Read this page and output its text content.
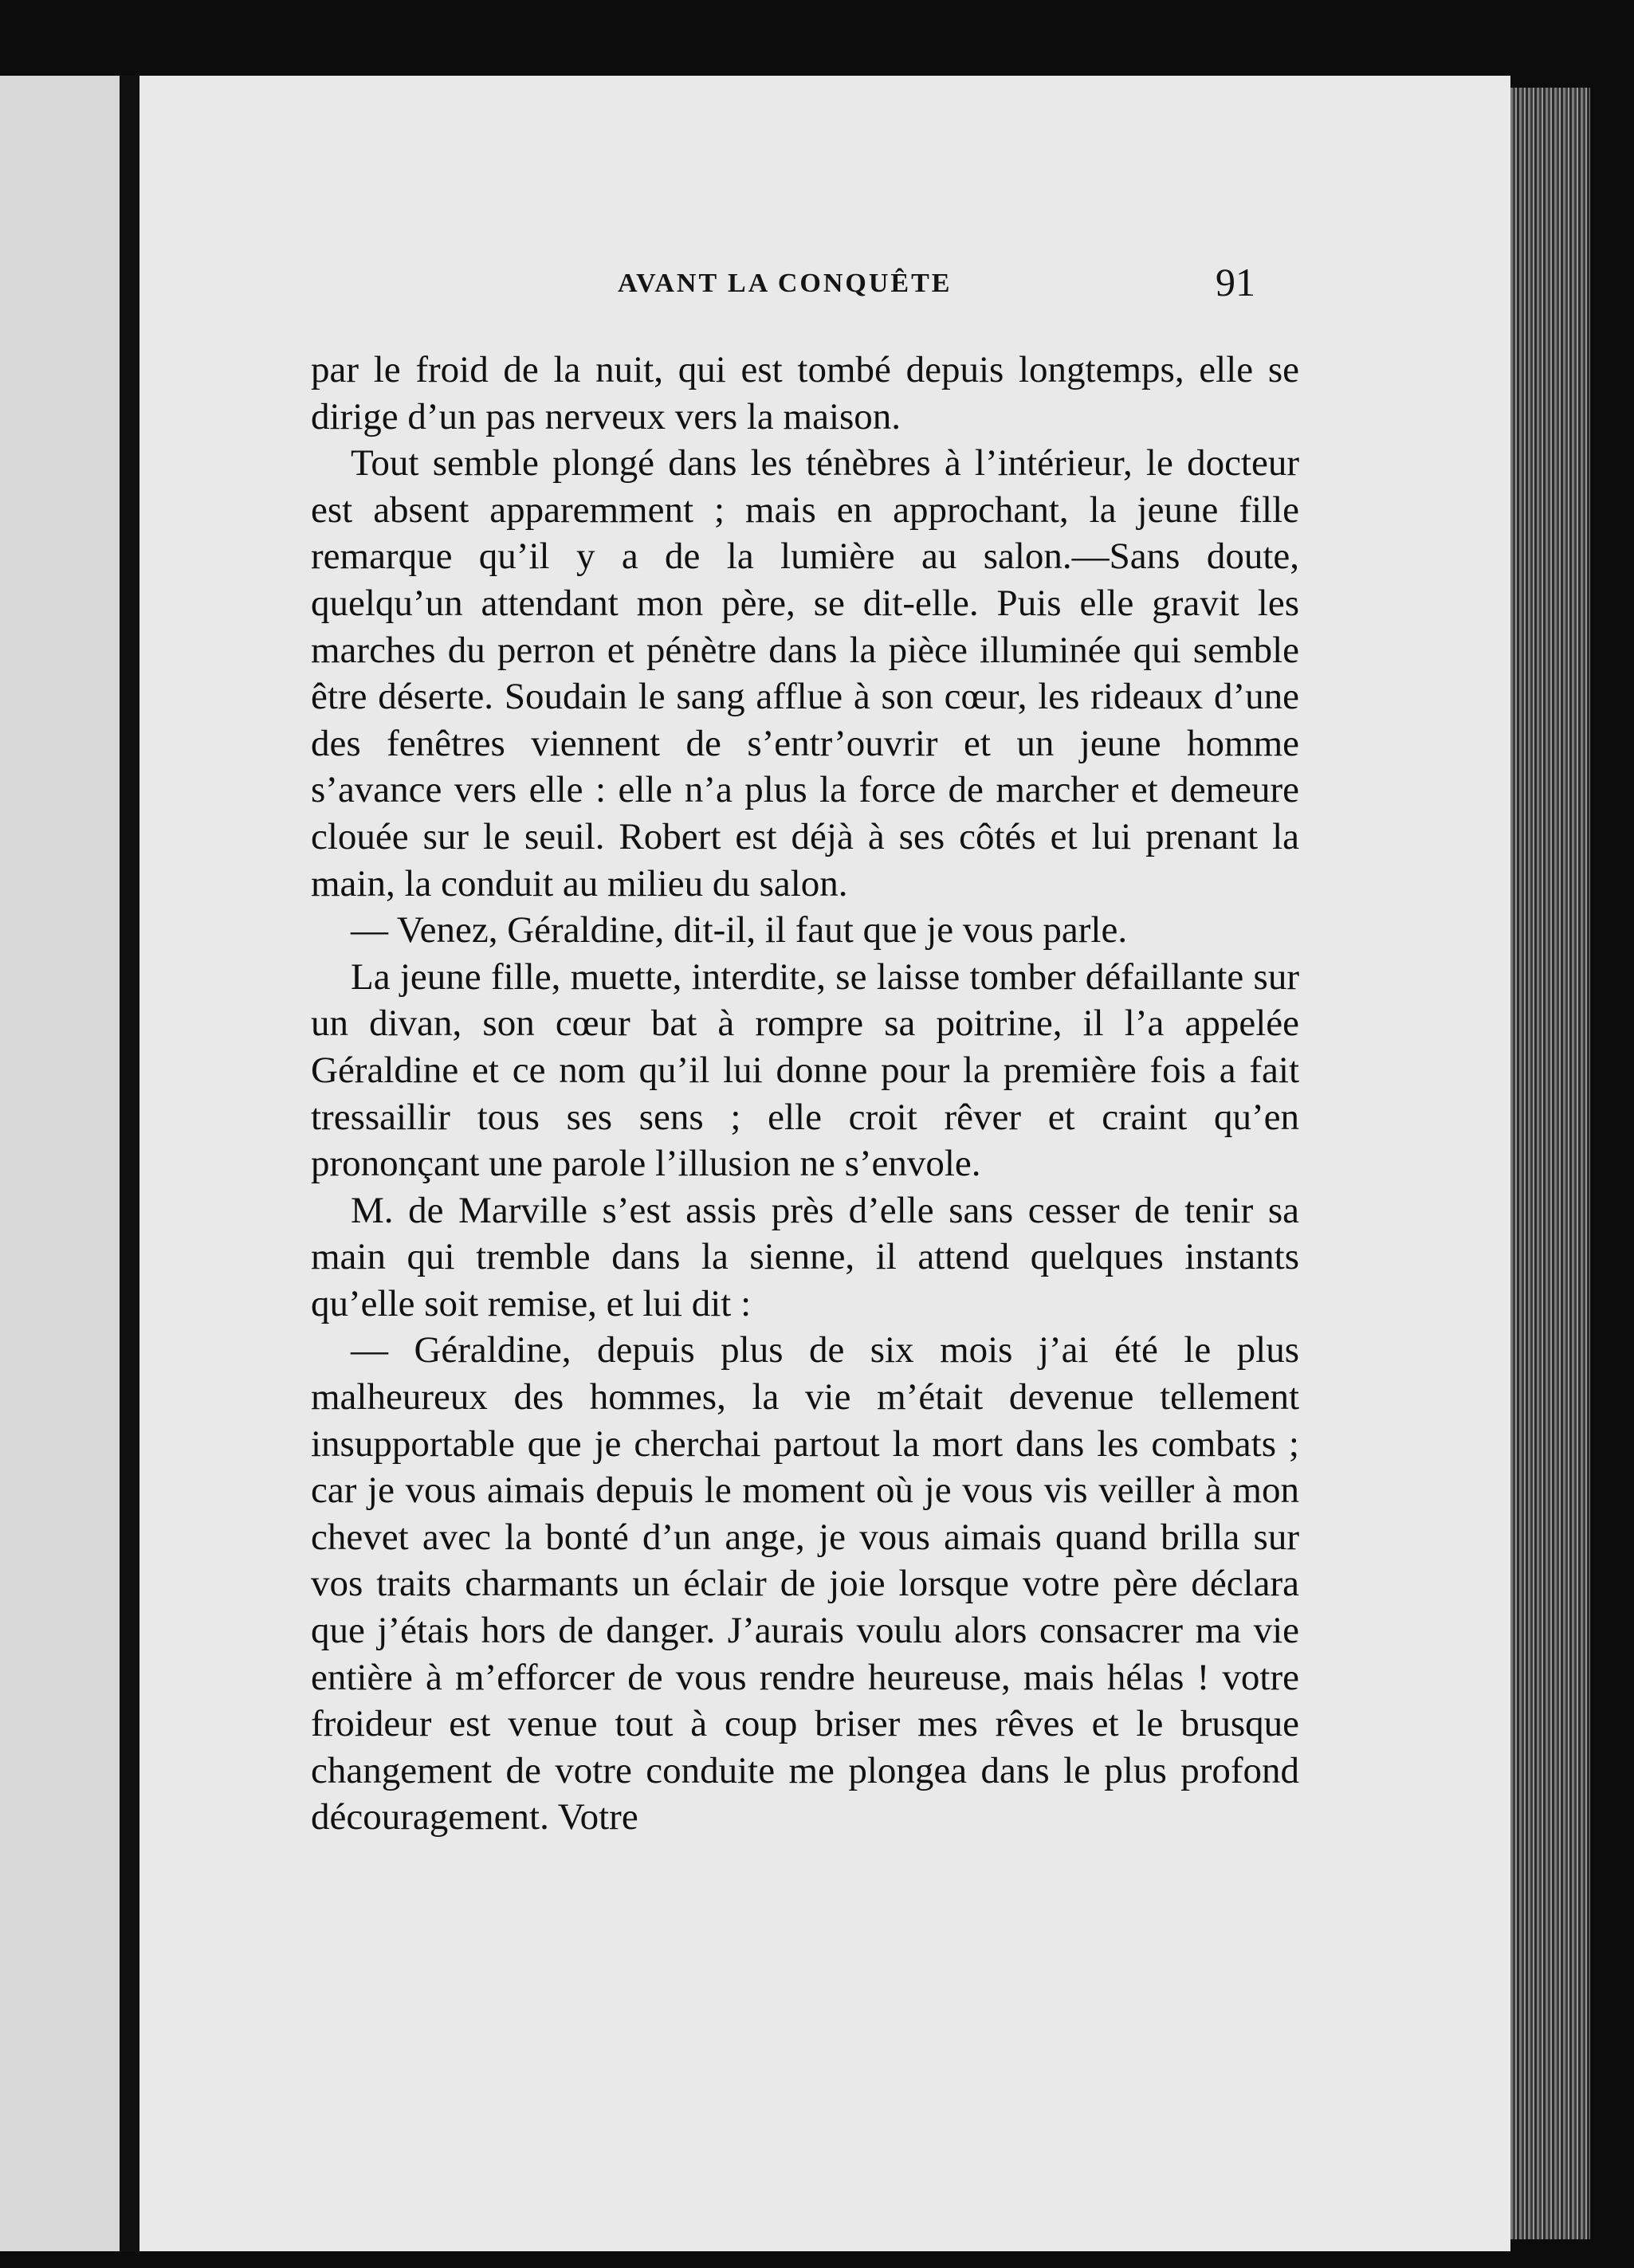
AVANT LA CONQUÊTE	91

par le froid de la nuit, qui est tombé depuis longtemps, elle se dirige d’un pas nerveux vers la maison.

Tout semble plongé dans les ténèbres à l’intérieur, le docteur est absent apparemment ; mais en approchant, la jeune fille remarque qu’il y a de la lumière au salon.—Sans doute, quelqu’un attendant mon père, se dit-elle. Puis elle gravit les marches du perron et pénètre dans la pièce illuminée qui semble être déserte. Soudain le sang afflue à son cœur, les rideaux d’une des fenêtres viennent de s’entr’ouvrir et un jeune homme s’avance vers elle : elle n’a plus la force de marcher et demeure clouée sur le seuil. Robert est déjà à ses côtés et lui prenant la main, la conduit au milieu du salon.

— Venez, Géraldine, dit-il, il faut que je vous parle.

La jeune fille, muette, interdite, se laisse tomber défaillante sur un divan, son cœur bat à rompre sa poitrine, il l’a appelée Géraldine et ce nom qu’il lui donne pour la première fois a fait tressaillir tous ses sens ; elle croit rêver et craint qu’en prononçant une parole l’illusion ne s’envole.

M. de Marville s’est assis près d’elle sans cesser de tenir sa main qui tremble dans la sienne, il attend quelques instants qu’elle soit remise, et lui dit :

— Géraldine, depuis plus de six mois j’ai été le plus malheureux des hommes, la vie m’était devenue tellement insupportable que je cherchai partout la mort dans les combats ; car je vous aimais depuis le moment où je vous vis veiller à mon chevet avec la bonté d’un ange, je vous aimais quand brilla sur vos traits charmants un éclair de joie lorsque votre père déclara que j’étais hors de danger. J’aurais voulu alors consacrer ma vie entière à m’efforcer de vous rendre heureuse, mais hélas ! votre froideur est venue tout à coup briser mes rêves et le brusque changement de votre conduite me plongea dans le plus profond découragement. Votre
